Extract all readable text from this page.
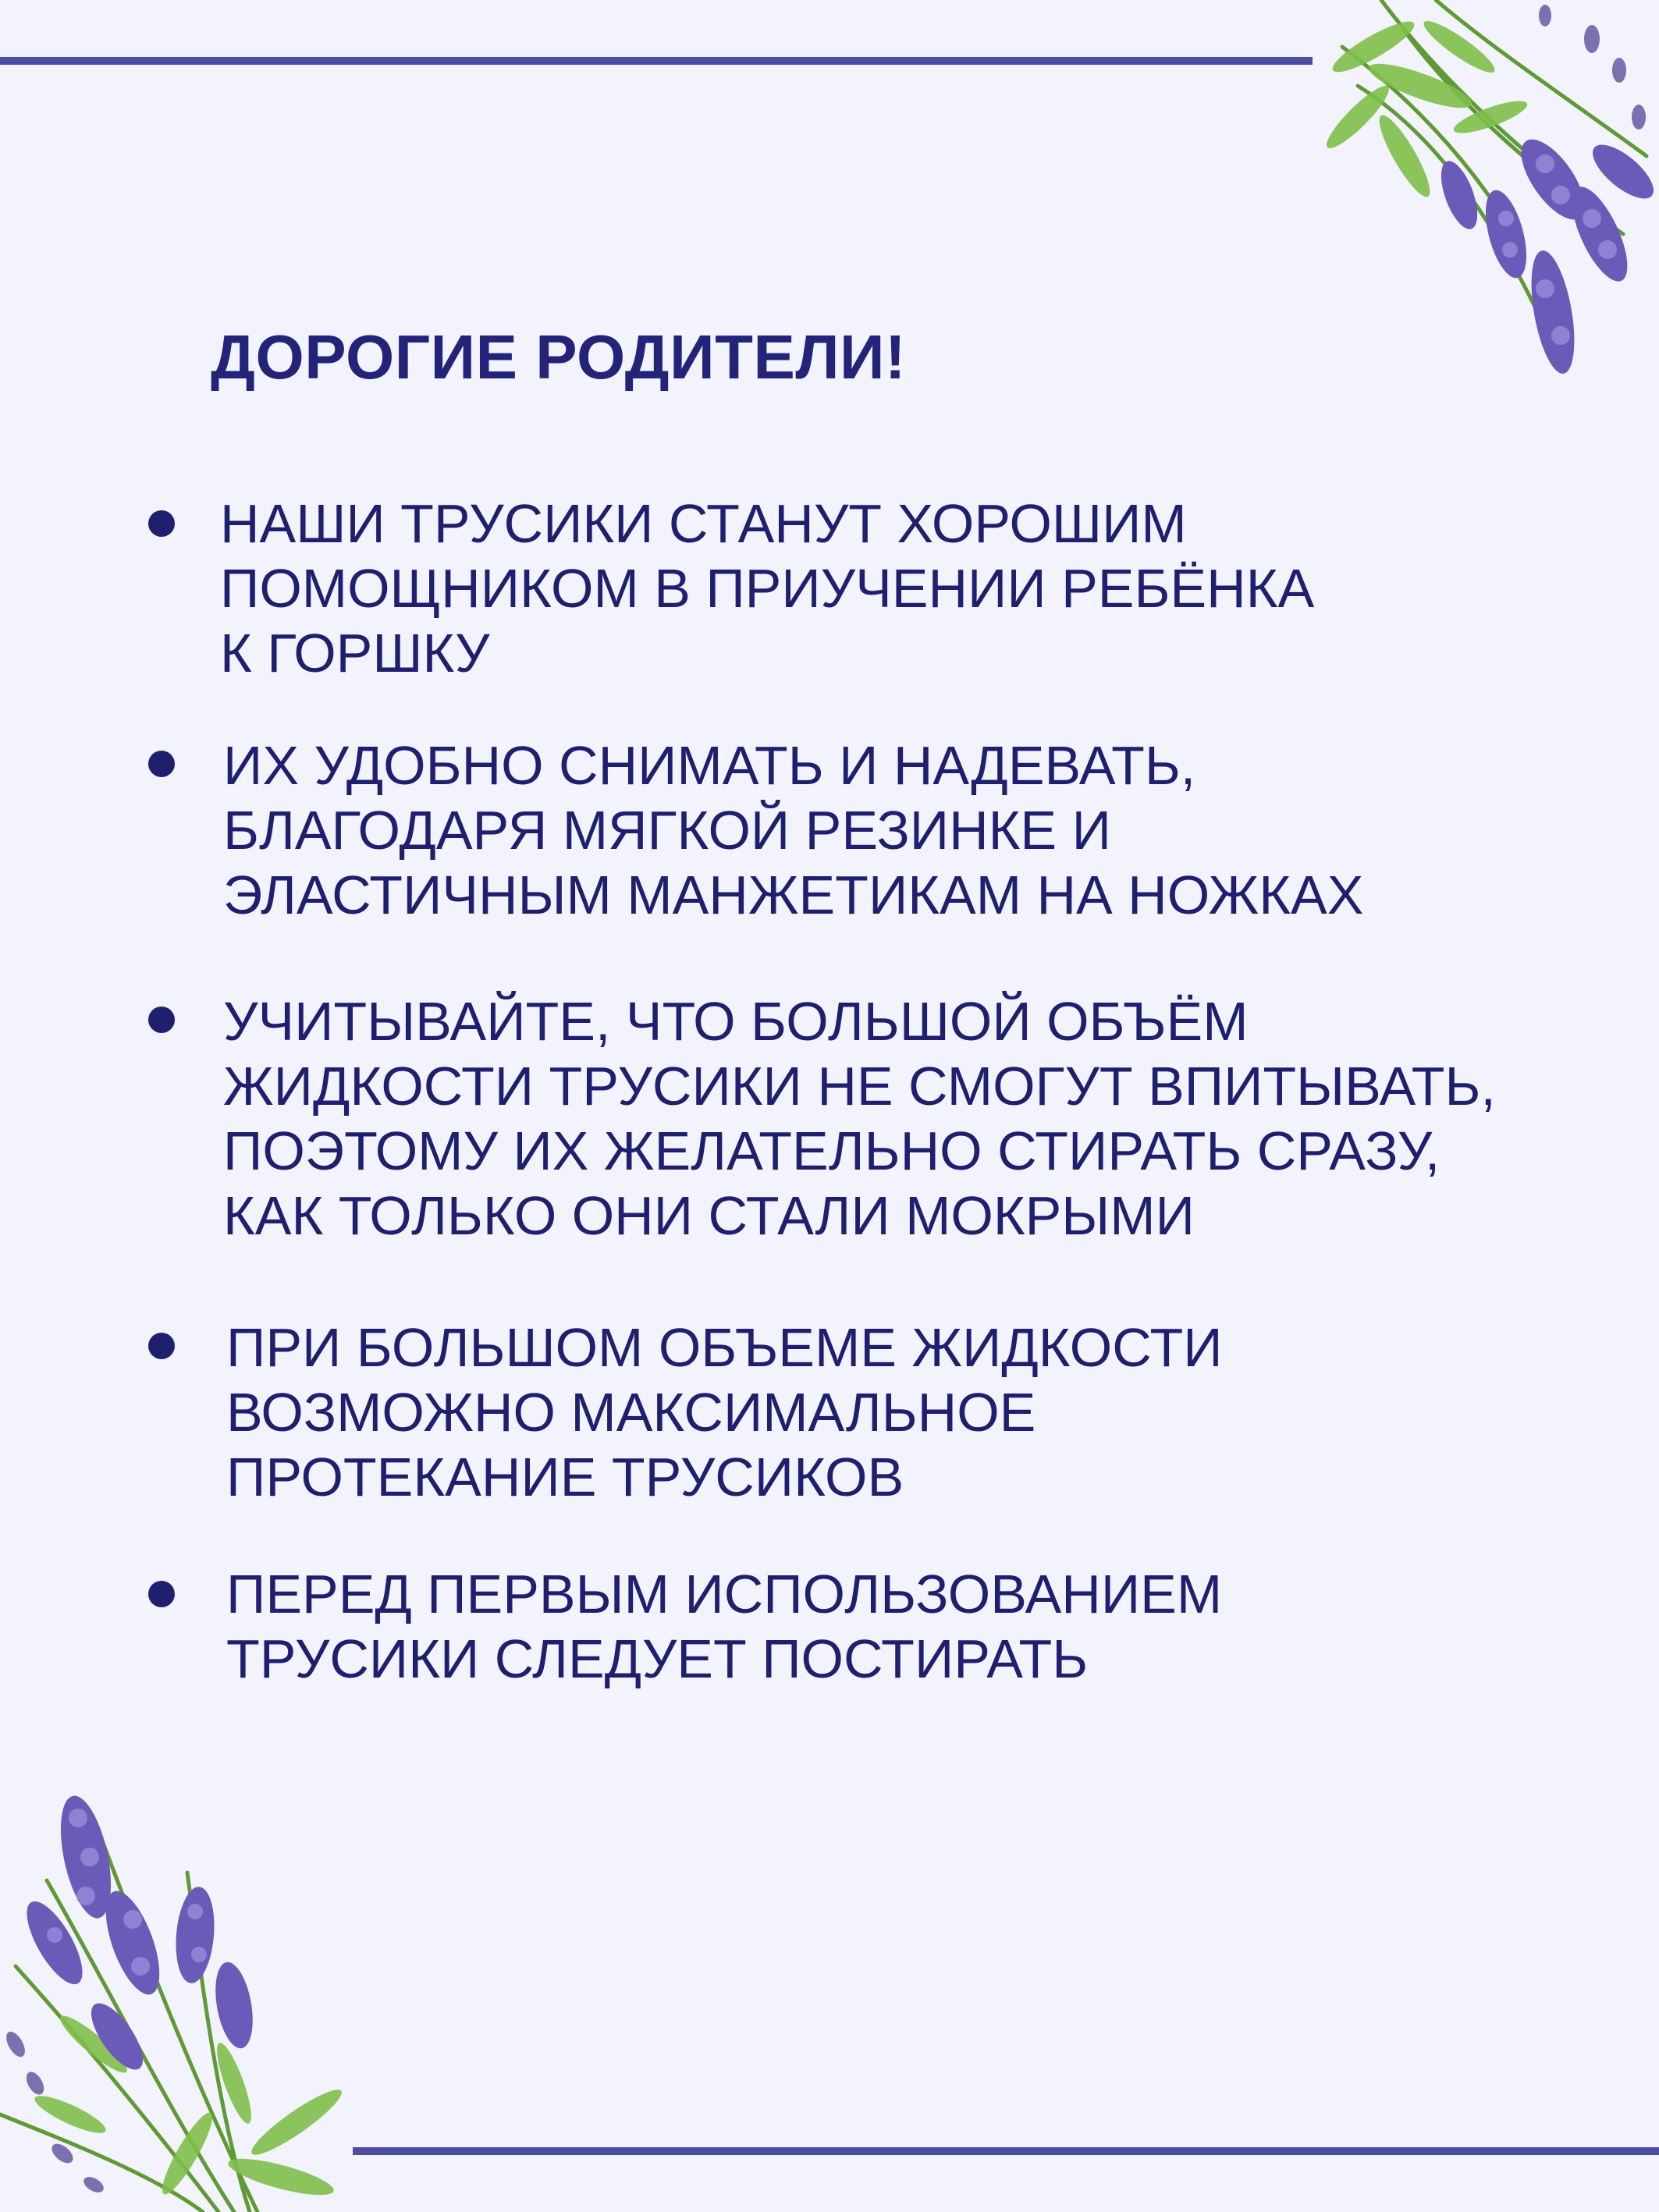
ДОРОГИЕ РОДИТЕЛИ!

НАШИ ТРУСИКИ СТАНУТ ХОРОШИМ
ПОМОЩНИКОМ В ПРИУЧЕНИИ РЕБЁНКА
К ГОРШКУ

ИХ УДОБНО СНИМАТЬ И НАДЕВАТЬ,
БЛАГОДАРЯ МЯГКОЙ РЕЗИНКЕ И
ЭЛАСТИЧНЫМ МАНЖЕТИКАМ НА НОЖКАХ

УЧИТЫВАЙТЕ, ЧТО БОЛЬШОЙ ОБЪЁМ
ЖИДКОСТИ ТРУСИКИ НЕ СМОГУТ ВПИТЫВАТЬ,
ПОЭТОМУ ИХ ЖЕЛАТЕЛЬНО СТИРАТЬ СРАЗУ,
КАК ТОЛЬКО ОНИ СТАЛИ МОКРЫМИ

ПРИ БОЛЬШОМ ОБЪЕМЕ ЖИДКОСТИ
ВОЗМОЖНО МАКСИМАЛЬНОЕ
ПРОТЕКАНИЕ ТРУСИКОВ

ПЕРЕД ПЕРВЫМ ИСПОЛЬЗОВАНИЕМ
ТРУСИКИ СЛЕДУЕТ ПОСТИРАТЬ
